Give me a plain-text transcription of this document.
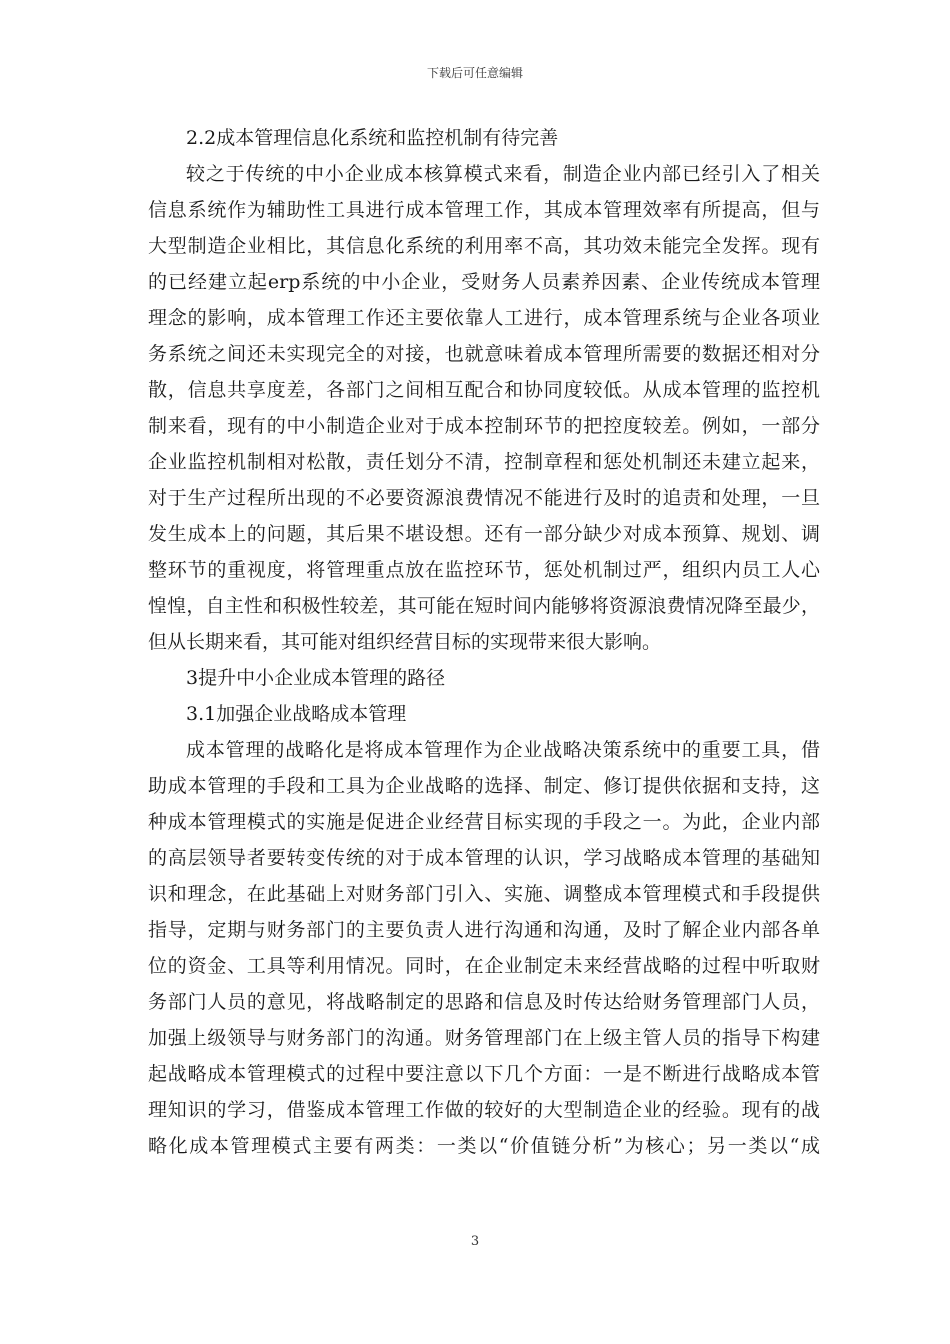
下载后可任意编辑
2.2成本管理信息化系统和监控机制有待完善
较之于传统的中小企业成本核算模式来看，制造企业内部已经引入了相关
信息系统作为辅助性工具进行成本管理工作，其成本管理效率有所提高，但与
大型制造企业相比，其信息化系统的利用率不高，其功效未能完全发挥。现有
的已经建立起erp系统的中小企业，受财务人员素养因素、企业传统成本管理
理念的影响，成本管理工作还主要依靠人工进行，成本管理系统与企业各项业
务系统之间还未实现完全的对接，也就意味着成本管理所需要的数据还相对分
散，信息共享度差，各部门之间相互配合和协同度较低。从成本管理的监控机
制来看，现有的中小制造企业对于成本控制环节的把控度较差。例如，一部分
企业监控机制相对松散，责任划分不清，控制章程和惩处机制还未建立起来，
对于生产过程所出现的不必要资源浪费情况不能进行及时的追责和处理，一旦
发生成本上的问题，其后果不堪设想。还有一部分缺少对成本预算、规划、调
整环节的重视度，将管理重点放在监控环节，惩处机制过严，组织内员工人心
惶惶，自主性和积极性较差，其可能在短时间内能够将资源浪费情况降至最少，
但从长期来看，其可能对组织经营目标的实现带来很大影响。
3提升中小企业成本管理的路径
3.1加强企业战略成本管理
成本管理的战略化是将成本管理作为企业战略决策系统中的重要工具，借
助成本管理的手段和工具为企业战略的选择、制定、修订提供依据和支持，这
种成本管理模式的实施是促进企业经营目标实现的手段之一。为此，企业内部
的高层领导者要转变传统的对于成本管理的认识，学习战略成本管理的基础知
识和理念，在此基础上对财务部门引入、实施、调整成本管理模式和手段提供
指导，定期与财务部门的主要负责人进行沟通和沟通，及时了解企业内部各单
位的资金、工具等利用情况。同时，在企业制定未来经营战略的过程中听取财
务部门人员的意见，将战略制定的思路和信息及时传达给财务管理部门人员，
加强上级领导与财务部门的沟通。财务管理部门在上级主管人员的指导下构建
起战略成本管理模式的过程中要注意以下几个方面：一是不断进行战略成本管
理知识的学习，借鉴成本管理工作做的较好的大型制造企业的经验。现有的战
略化成本管理模式主要有两类：一类以“价值链分析”为核心；另一类以“成
3
